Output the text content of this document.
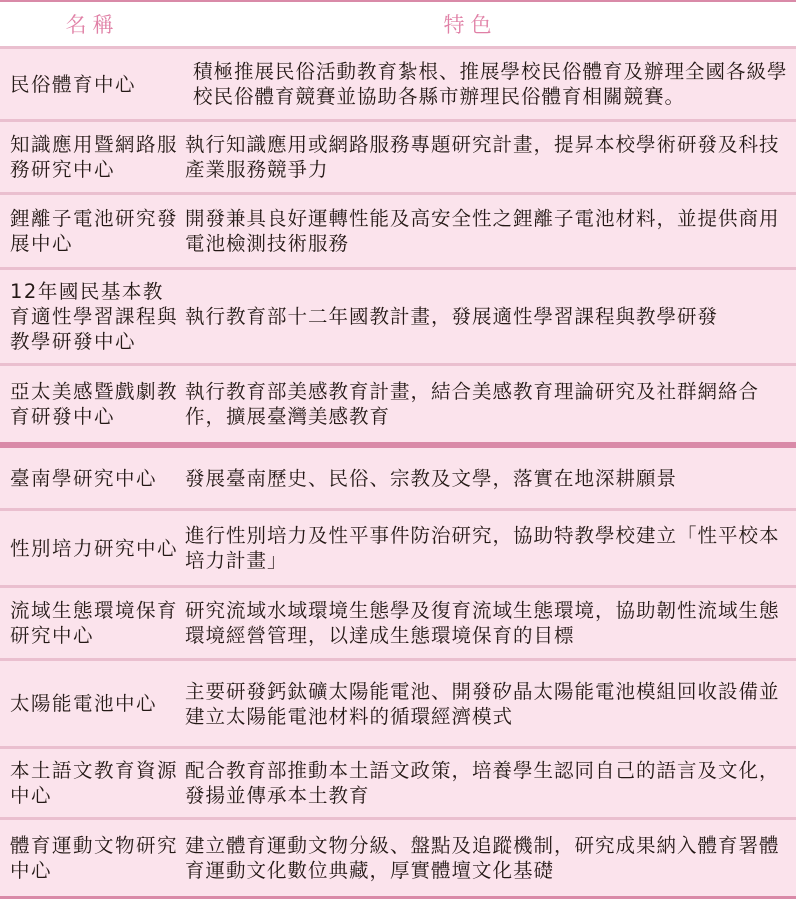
名稱	特色
民俗體育中心
積極推展民俗活動教育紮根、推展學校民俗體育及辦理全國各級學校民俗體育競賽並協助各縣市辦理民俗體育相關競賽。
知識應用暨網路服務研究中心
執行知識應用或網路服務專題研究計畫，提昇本校學術研發及科技產業服務競爭力
鋰離子電池研究發展中心
開發兼具良好運轉性能及高安全性之鋰離子電池材料，並提供商用電池檢測技術服務
12年國民基本教育適性學習課程與教學研發中心
執行教育部十二年國教計畫，發展適性學習課程與教學研發
亞太美感暨戲劇教育研發中心
執行教育部美感教育計畫，結合美感教育理論研究及社群網絡合作，擴展臺灣美感教育
臺南學研究中心	發展臺南歷史、民俗、宗教及文學，落實在地深耕願景
性別培力研究中心
進行性別培力及性平事件防治研究，協助特教學校建立「性平校本培力計畫」
流域生態環境保育研究中心
研究流域水域環境生態學及復育流域生態環境，協助韌性流域生態環境經營管理，以達成生態環境保育的目標
太陽能電池中心
主要研發鈣鈦礦太陽能電池、開發矽晶太陽能電池模組回收設備並建立太陽能電池材料的循環經濟模式
本土語文教育資源中心
配合教育部推動本土語文政策，培養學生認同自己的語言及文化，發揚並傳承本土教育
體育運動文物研究中心
建立體育運動文物分級、盤點及追蹤機制，研究成果納入體育署體育運動文化數位典藏，厚實體壇文化基礎
